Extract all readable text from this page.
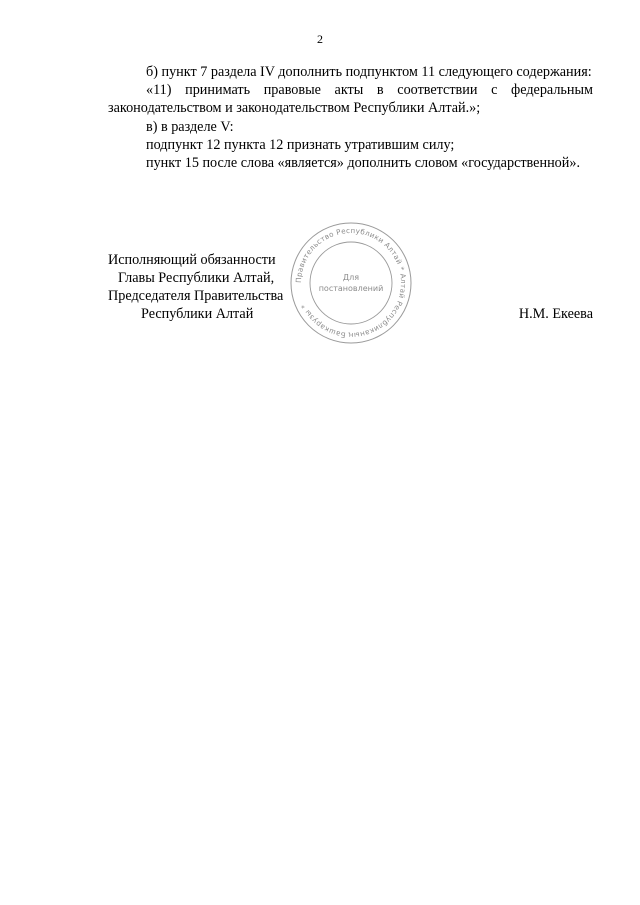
2

б) пункт 7 раздела IV дополнить подпунктом 11 следующего содержания:

«11) принимать правовые акты в соответствии с федеральным законодательством и законодательством Республики Алтай.»;

в) в разделе V:

подпункт 12 пункта 12 признать утратившим силу;

пункт 15 после слова «является» дополнить словом «государственной».

Исполняющий обязанности
Главы Республики Алтай,
Председателя Правительства
Республики Алтай	Н.М. Екеева
Правительство Республики Алтай * Алтай Республиканың Башкарузы *
Для
постановлений
